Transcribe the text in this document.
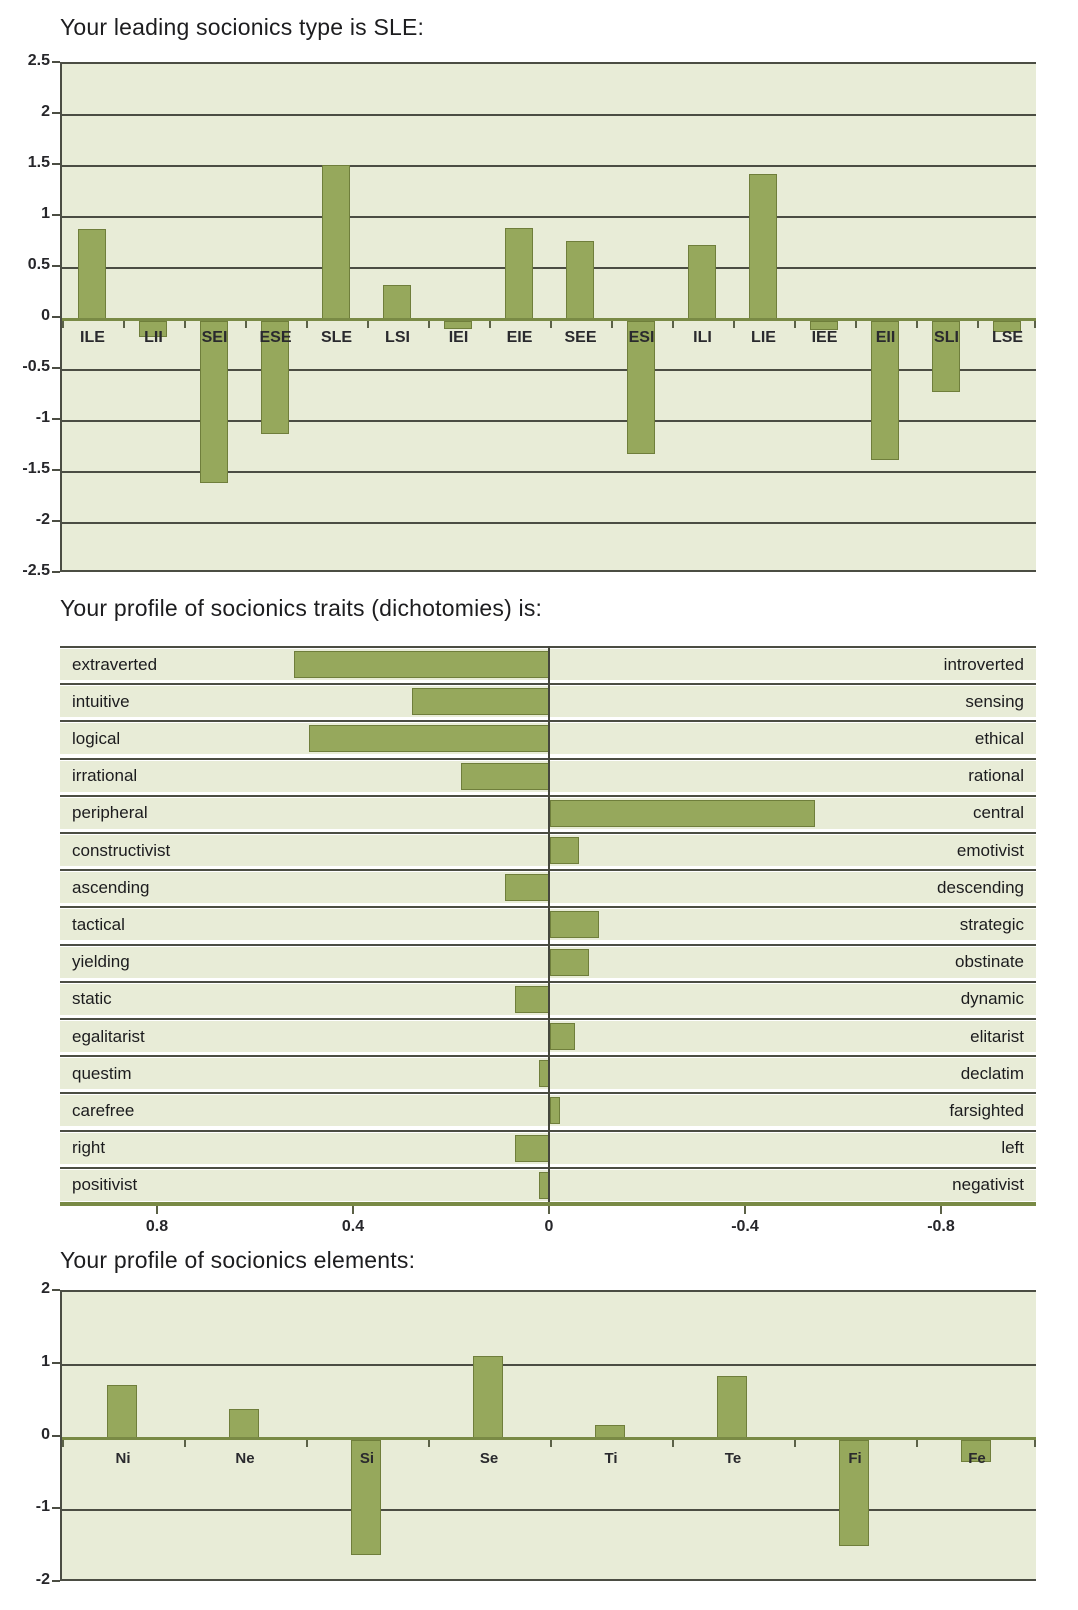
Your leading socionics type is SLE:
2.5
2
1.5
1
0.5
0
-0.5
-1
-1.5
-2
-2.5
ILE	LII	SEI	ESE	SLE	LSI	IEI	EIE	SEE	ESI	ILI	LIE	IEE	EII	SLI	LSE
Your profile of socionics traits (dichotomies) is:
extraverted	introverted
intuitive	sensing
logical	ethical
irrational	rational
peripheral	central
constructivist	emotivist
ascending	descending
tactical	strategic
yielding	obstinate
static	dynamic
egalitarist	elitarist
questim	declatim
carefree	farsighted
right	left
positivist	negativist
0.8	0.4	0	-0.4	-0.8
Your profile of socionics elements:
2
1
0
-1
-2
Ni	Ne	Si	Se	Ti	Te	Fi	Fe
